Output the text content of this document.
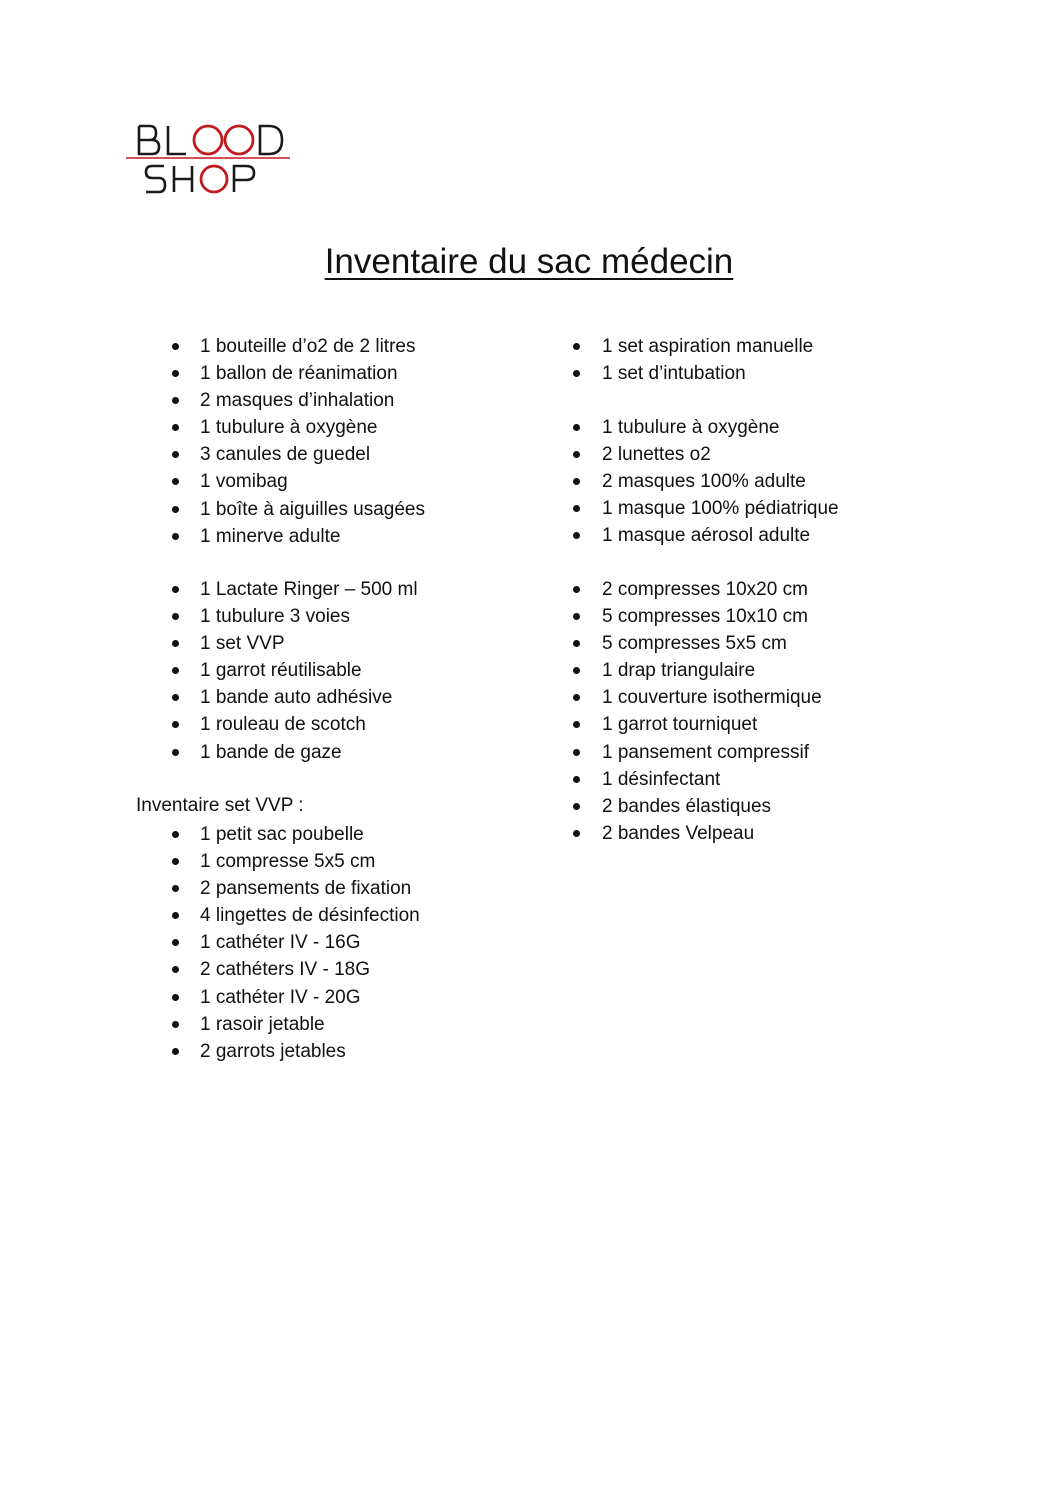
Inventaire du sac médecin
1 bouteille d’o2 de 2 litres
1 ballon de réanimation
2 masques d’inhalation
1 tubulure à oxygène
3 canules de guedel
1 vomibag
1 boîte à aiguilles usagées
1 minerve adulte
1 Lactate Ringer – 500 ml
1 tubulure 3 voies
1 set VVP
1 garrot réutilisable
1 bande auto adhésive
1 rouleau de scotch
1 bande de gaze
Inventaire set VVP :
1 petit sac poubelle
1 compresse 5x5 cm
2 pansements de fixation
4 lingettes de désinfection
1 cathéter IV - 16G
2 cathéters IV - 18G
1 cathéter IV - 20G
1 rasoir jetable
2 garrots jetables
1 set aspiration manuelle
1 set d’intubation
1 tubulure à oxygène
2 lunettes o2
2 masques 100% adulte
1 masque 100% pédiatrique
1 masque aérosol adulte
2 compresses 10x20 cm
5 compresses 10x10 cm
5 compresses 5x5 cm
1 drap triangulaire
1 couverture isothermique
1 garrot tourniquet
1 pansement compressif
1 désinfectant
2 bandes élastiques
2 bandes Velpeau
